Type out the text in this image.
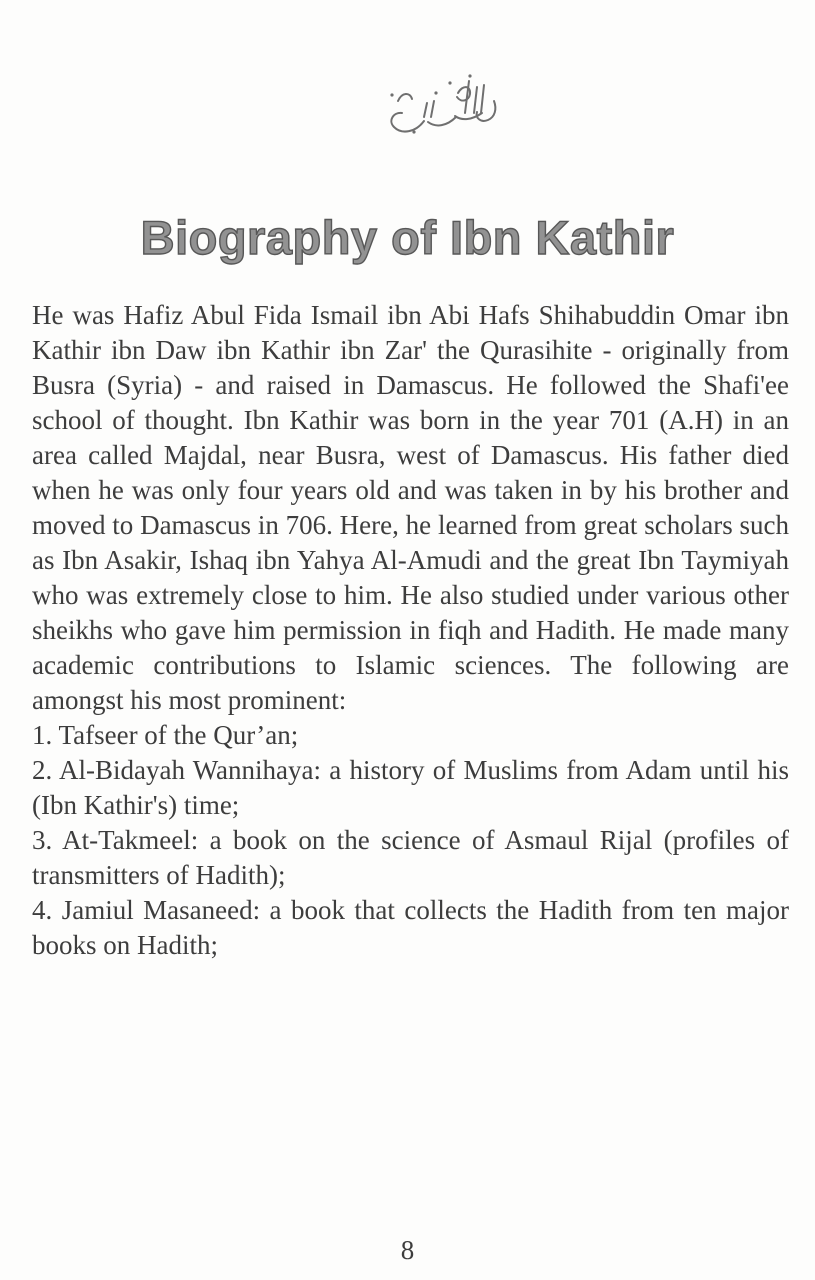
Biography of Ibn Kathir

He was Hafiz Abul Fida Ismail ibn Abi Hafs Shihabuddin Omar ibn Kathir ibn Daw ibn Kathir ibn Zar' the Qurasihite - originally from Busra (Syria) - and raised in Damascus. He followed the Shafi'ee school of thought. Ibn Kathir was born in the year 701 (A.H) in an area called Majdal, near Busra, west of Damascus. His father died when he was only four years old and was taken in by his brother and moved to Damascus in 706. Here, he learned from great scholars such as Ibn Asakir, Ishaq ibn Yahya Al-Amudi and the great Ibn Taymiyah who was extremely close to him. He also studied under various other sheikhs who gave him permission in fiqh and Hadith. He made many academic contributions to Islamic sciences. The following are amongst his most prominent:

1. Tafseer of the Qur’an;

2. Al-Bidayah Wannihaya: a history of Muslims from Adam until his (Ibn Kathir's) time;

3. At-Takmeel: a book on the science of Asmaul Rijal (profiles of transmitters of Hadith);

4. Jamiul Masaneed: a book that collects the Hadith from ten major books on Hadith;

8
